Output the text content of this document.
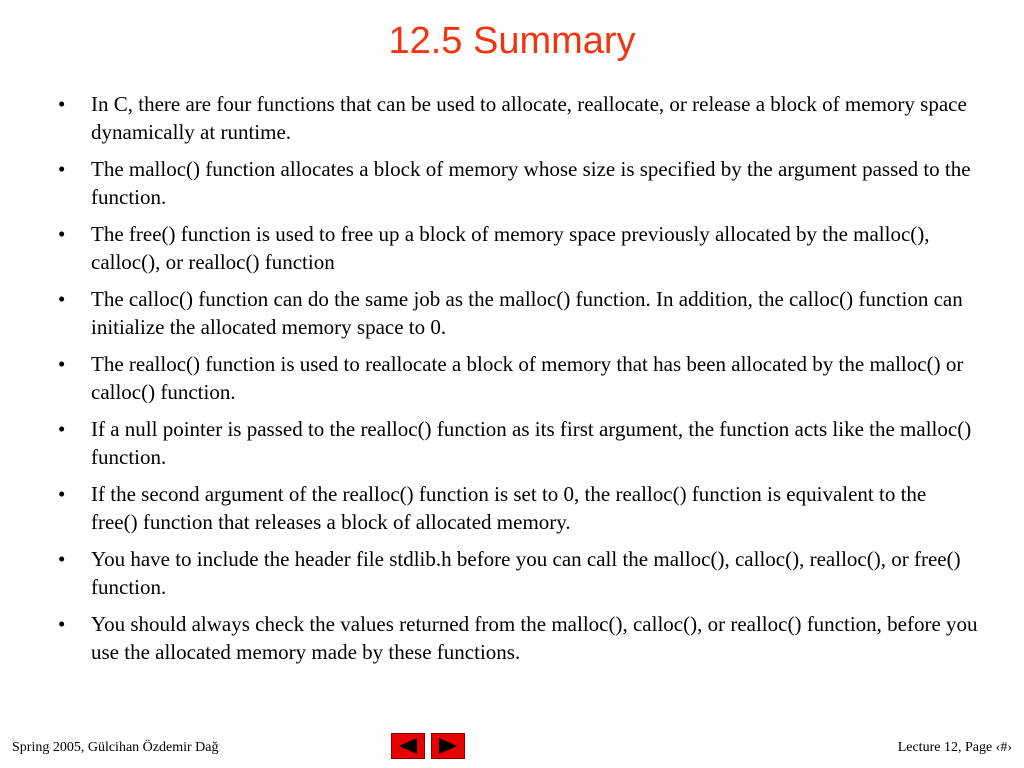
12.5 Summary
• In C, there are four functions that can be used to allocate, reallocate, or release a block of memory space dynamically at runtime.
• The malloc() function allocates a block of memory whose size is specified by the argument passed to the function.
• The free() function is used to free up a block of memory space previously allocated by the malloc(), calloc(), or realloc() function
• The calloc() function can do the same job as the malloc() function. In addition, the calloc() function can initialize the allocated memory space to 0.
• The realloc() function is used to reallocate a block of memory that has been allocated by the malloc() or calloc() function.
• If a null pointer is passed to the realloc() function as its first argument, the function acts like the malloc() function.
• If the second argument of the realloc() function is set to 0, the realloc() function is equivalent to the free() function that releases a block of allocated memory.
• You have to include the header file stdlib.h before you can call the malloc(), calloc(), realloc(), or free() function.
• You should always check the values returned from the malloc(), calloc(), or realloc() function, before you use the allocated memory made by these functions.
Spring 2005, Gülcihan Özdemir Dağ	Lecture 12, Page ‹#›
